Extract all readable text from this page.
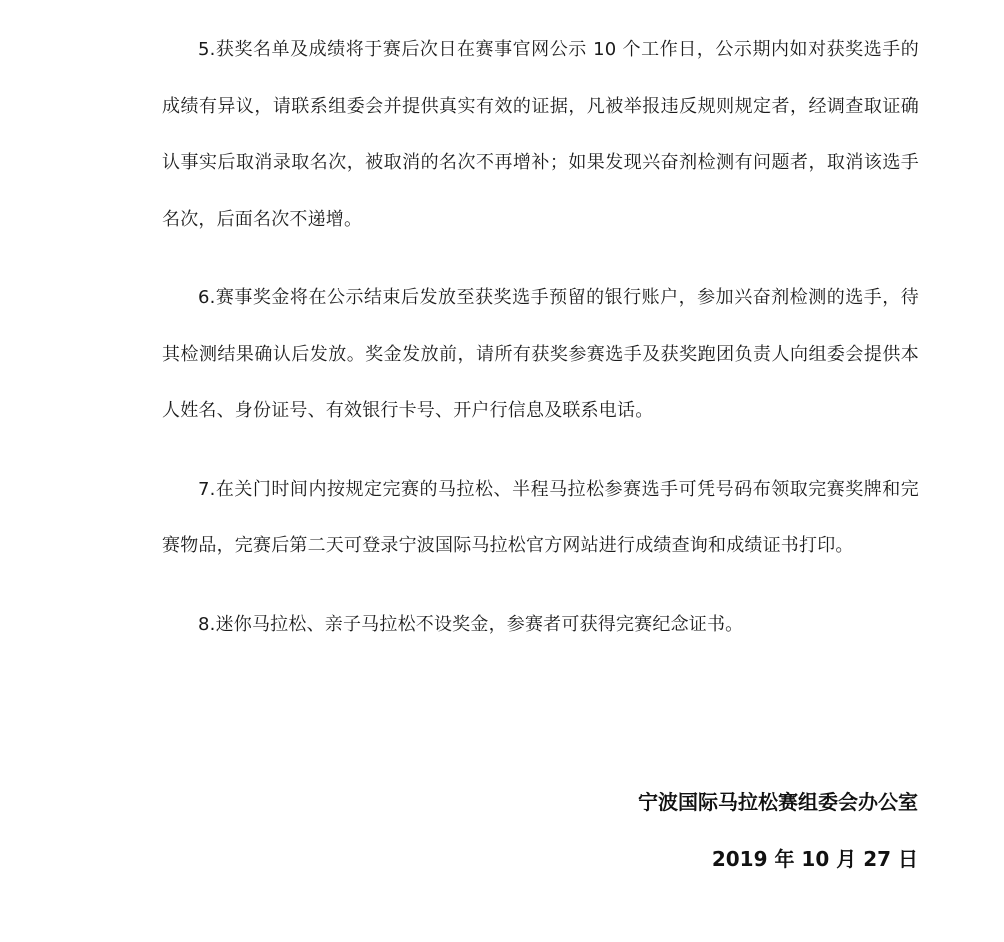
5.获奖名单及成绩将于赛后次日在赛事官网公示 10 个工作日，公示期内如对获奖选手的成绩有异议，请联系组委会并提供真实有效的证据，凡被举报违反规则规定者，经调查取证确认事实后取消录取名次，被取消的名次不再增补；如果发现兴奋剂检测有问题者，取消该选手名次，后面名次不递增。

6.赛事奖金将在公示结束后发放至获奖选手预留的银行账户，参加兴奋剂检测的选手，待其检测结果确认后发放。奖金发放前，请所有获奖参赛选手及获奖跑团负责人向组委会提供本人姓名、身份证号、有效银行卡号、开户行信息及联系电话。

7.在关门时间内按规定完赛的马拉松、半程马拉松参赛选手可凭号码布领取完赛奖牌和完赛物品，完赛后第二天可登录宁波国际马拉松官方网站进行成绩查询和成绩证书打印。

8.迷你马拉松、亲子马拉松不设奖金，参赛者可获得完赛纪念证书。

宁波国际马拉松赛组委会办公室
2019 年 10 月 27 日
